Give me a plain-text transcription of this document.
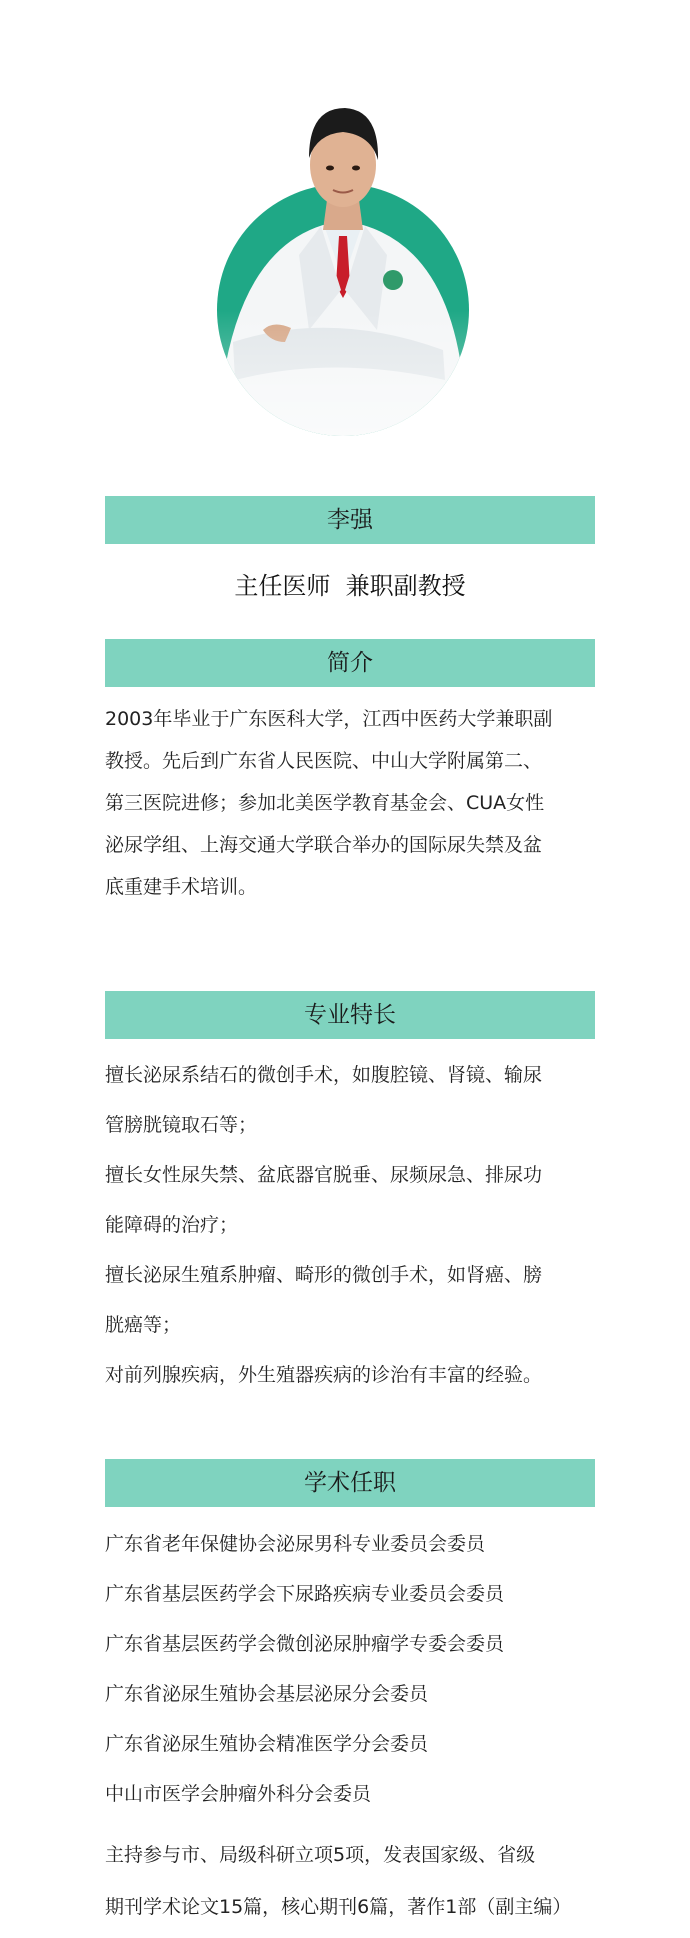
李强
主任医师  兼职副教授
简介
2003年毕业于广东医科大学，江西中医药大学兼职副
教授。先后到广东省人民医院、中山大学附属第二、
第三医院进修；参加北美医学教育基金会、CUA女性
泌尿学组、上海交通大学联合举办的国际尿失禁及盆
底重建手术培训。
专业特长
擅长泌尿系结石的微创手术，如腹腔镜、肾镜、输尿
管膀胱镜取石等；
擅长女性尿失禁、盆底器官脱垂、尿频尿急、排尿功
能障碍的治疗；
擅长泌尿生殖系肿瘤、畸形的微创手术，如肾癌、膀
胱癌等；
对前列腺疾病，外生殖器疾病的诊治有丰富的经验。
学术任职
广东省老年保健协会泌尿男科专业委员会委员
广东省基层医药学会下尿路疾病专业委员会委员
广东省基层医药学会微创泌尿肿瘤学专委会委员
广东省泌尿生殖协会基层泌尿分会委员
广东省泌尿生殖协会精准医学分会委员
中山市医学会肿瘤外科分会委员
主持参与市、局级科研立项5项，发表国家级、省级
期刊学术论文15篇，核心期刊6篇，著作1部（副主编）
